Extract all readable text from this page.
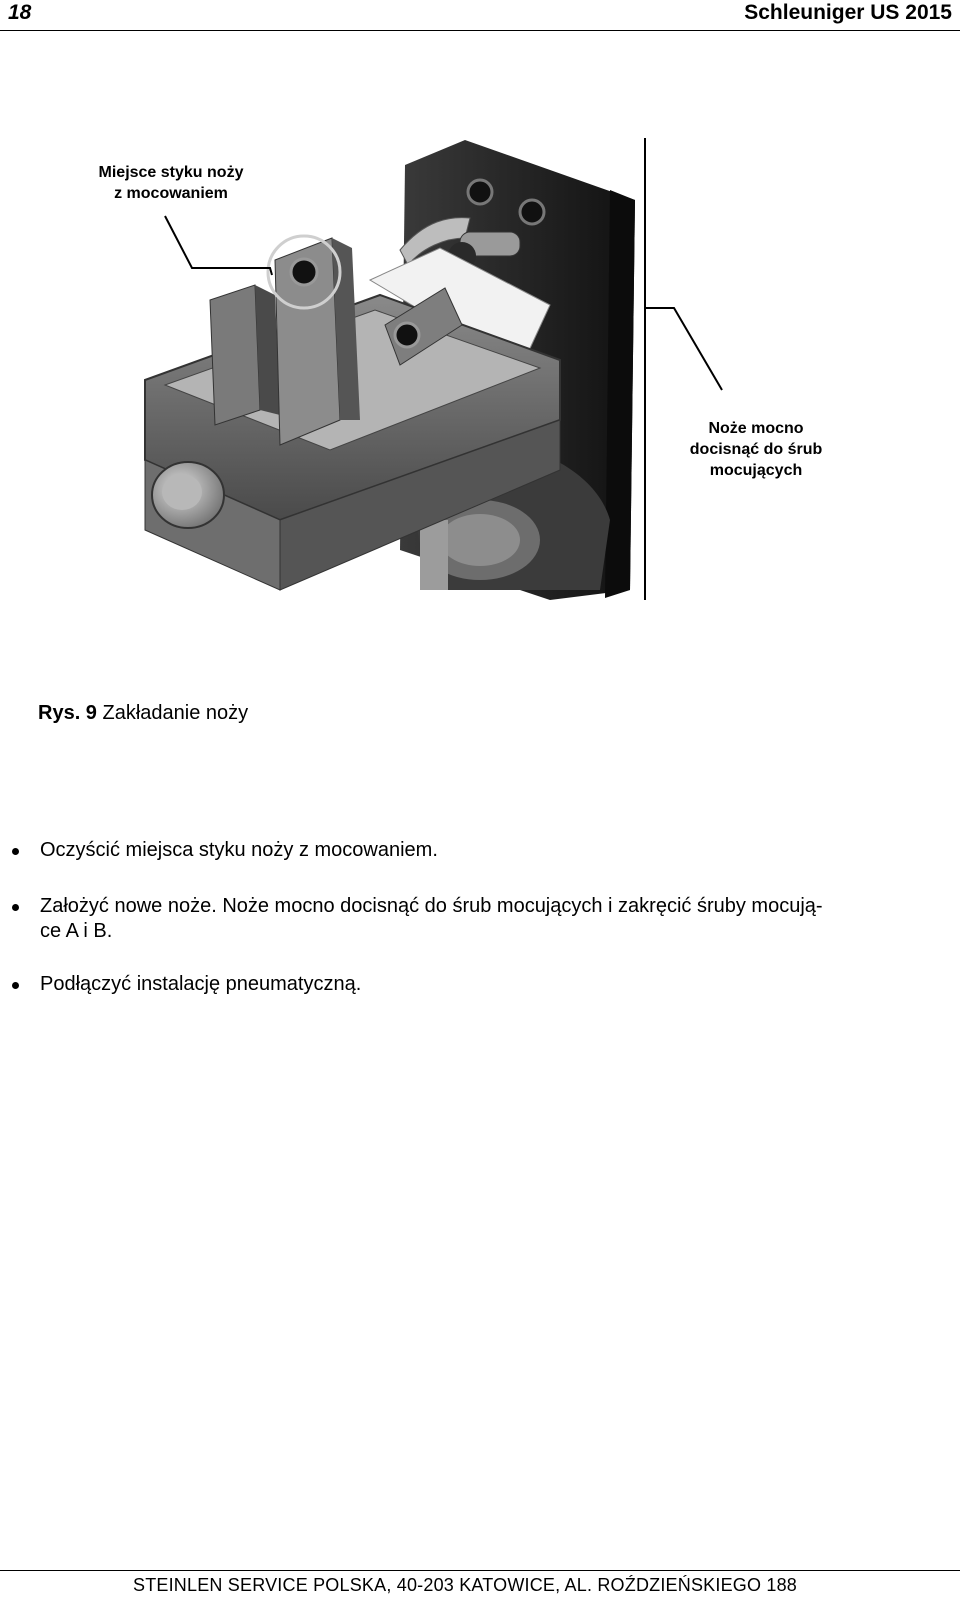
18	Schleuniger US 2015
Miejsce styku noży
z mocowaniem
Noże mocno
docisnąć do śrub
mocujących
Rys. 9 Zakładanie noży
Oczyścić miejsca styku noży z mocowaniem.
Założyć nowe noże. Noże mocno docisnąć do śrub mocujących i zakręcić śruby mocują-
ce A i B.
Podłączyć instalację pneumatyczną.
STEINLEN SERVICE POLSKA, 40-203 KATOWICE, AL. ROŹDZIEŃSKIEGO 188
